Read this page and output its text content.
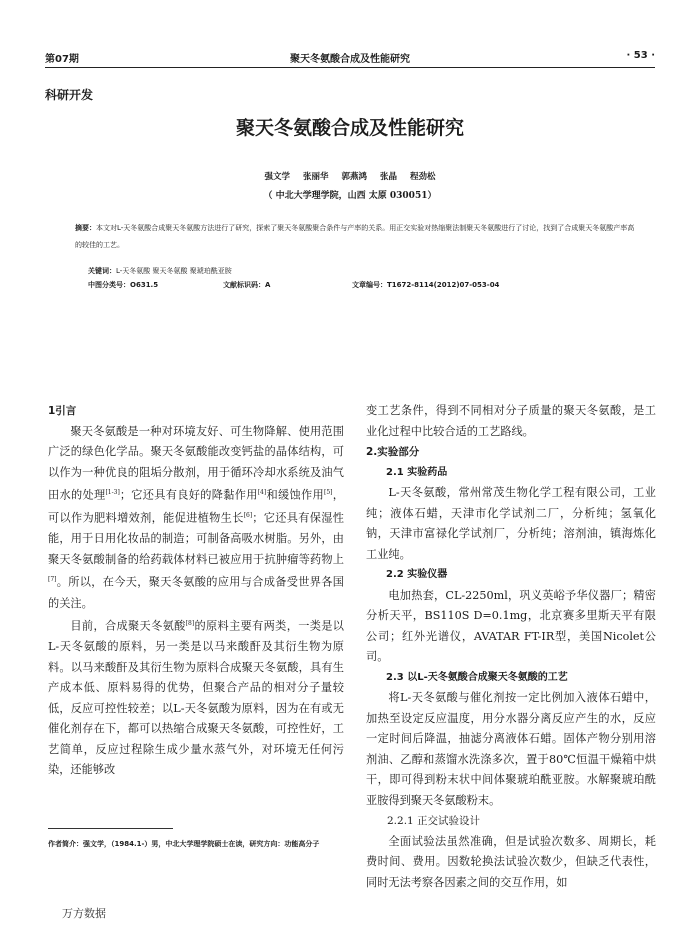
第07期	聚天冬氨酸合成及性能研究	· 53 ·
科研开发
聚天冬氨酸合成及性能研究
强文学 张丽华 郭燕鸿 张晶 程劲松
（ 中北大学理学院，山西 太原 030051）
摘要：本文对L-天冬氨酸合成聚天冬氨酸方法进行了研究，探索了聚天冬氨酸聚合条件与产率的关系。用正交实验对热缩聚法制聚天冬氨酸进行了讨论，找到了合成聚天冬氨酸产率高的较佳的工艺。
关键词：L-天冬氨酸 聚天冬氨酸 聚琥珀酰亚胺
中图分类号：O631.5	文献标识码：A	文章编号：T1672-8114(2012)07-053-04

1引言

聚天冬氨酸是一种对环境友好、可生物降解、使用范围广泛的绿色化学品。聚天冬氨酸能改变钙盐的晶体结构，可以作为一种优良的阻垢分散剂，用于循环冷却水系统及油气田水的处理[1-3]；它还具有良好的降黏作用[4]和缓蚀作用[5]，可以作为肥料增效剂，能促进植物生长[6]；它还具有保湿性能，用于日用化妆品的制造；可制备高吸水树脂。另外，由聚天冬氨酸制备的给药载体材料已被应用于抗肿瘤等药物上[7]。所以，在今天，聚天冬氨酸的应用与合成备受世界各国的关注。

目前，合成聚天冬氨酸[8]的原料主要有两类，一类是以L-天冬氨酸的原料，另一类是以马来酸酐及其衍生物为原料。以马来酸酐及其衍生物为原料合成聚天冬氨酸，具有生产成本低、原料易得的优势，但聚合产品的相对分子量较低，反应可控性较差；以L-天冬氨酸为原料，因为在有或无催化剂存在下，都可以热缩合成聚天冬氨酸，可控性好，工艺简单，反应过程除生成少量水蒸气外，对环境无任何污染，还能够改

变工艺条件，得到不同相对分子质量的聚天冬氨酸，是工业化过程中比较合适的工艺路线。

2.实验部分

2.1 实验药品

L-天冬氨酸，常州常茂生物化学工程有限公司，工业纯；液体石蜡，天津市化学试剂二厂，分析纯；氢氧化钠，天津市富禄化学试剂厂，分析纯；溶剂油，镇海炼化工业纯。

2.2 实验仪器

电加热套，CL-2250ml，巩义英峪予华仪器厂；精密分析天平，BS110S D=0.1mg，北京赛多里斯天平有限公司；红外光谱仪，AVATAR FT-IR型，美国Nicolet公司。

2.3 以L-天冬氨酸合成聚天冬氨酸的工艺

将L-天冬氨酸与催化剂按一定比例加入液体石蜡中，加热至设定反应温度，用分水器分离反应产生的水，反应一定时间后降温，抽滤分离液体石蜡。固体产物分别用溶剂油、乙醇和蒸馏水洗涤多次，置于80℃恒温干燥箱中烘干，即可得到粉末状中间体聚琥珀酰亚胺。水解聚琥珀酰亚胺得到聚天冬氨酸粉末。

2.2.1 正交试验设计

全面试验法虽然准确，但是试验次数多、周期长，耗费时间、费用。因数轮换法试验次数少，但缺乏代表性，同时无法考察各因素之间的交互作用，如

作者简介：强文学，（1984.1-）男，中北大学理学院硕士在读，研究方向：功能高分子
万方数据
